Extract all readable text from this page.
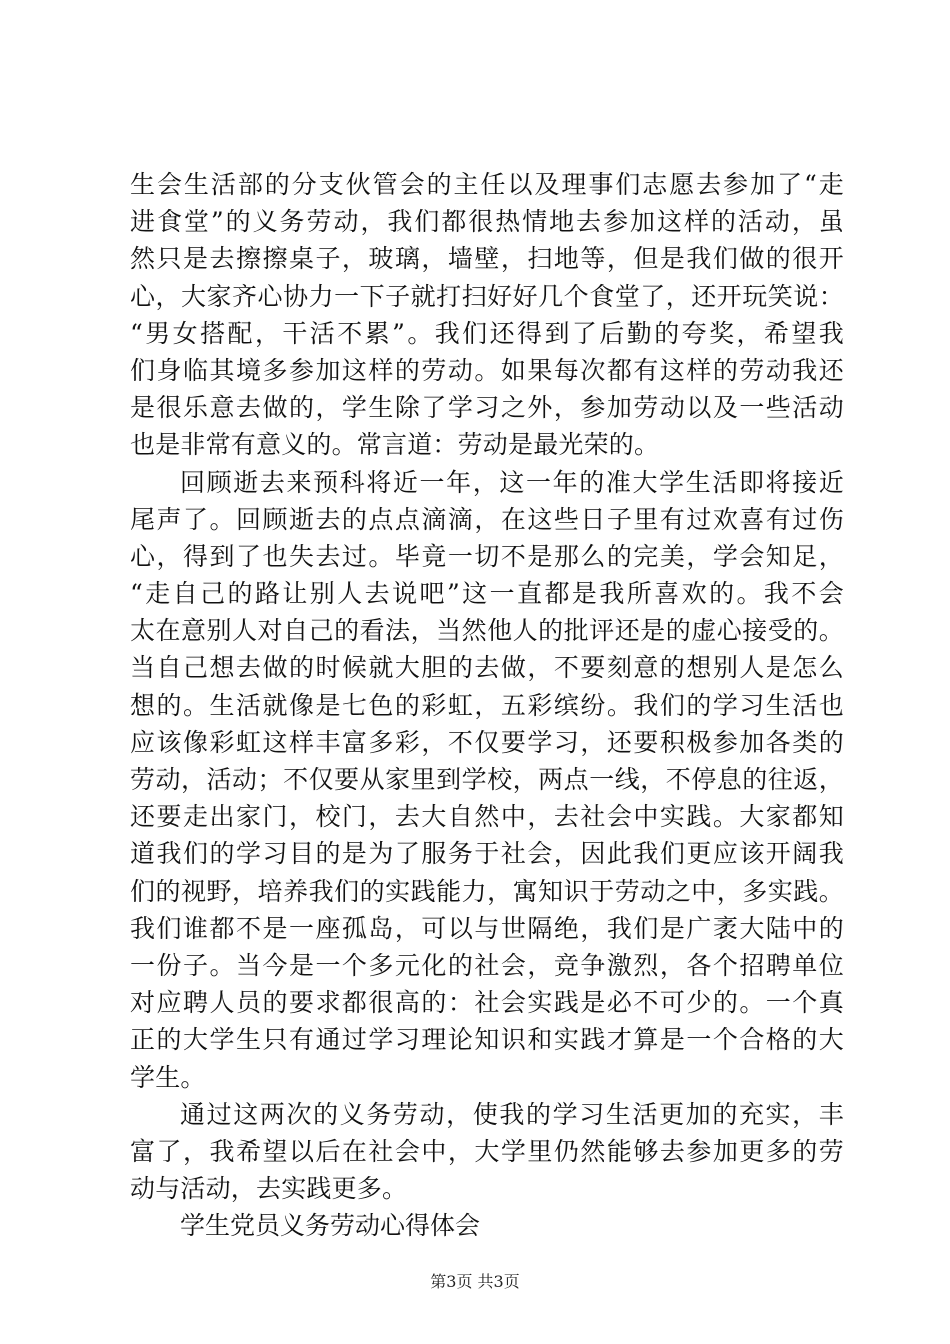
生会生活部的分支伙管会的主任以及理事们志愿去参加了“走
进食堂”的义务劳动，我们都很热情地去参加这样的活动，虽
然只是去擦擦桌子，玻璃，墙壁，扫地等，但是我们做的很开
心，大家齐心协力一下子就打扫好好几个食堂了，还开玩笑说：
“男女搭配，干活不累”。我们还得到了后勤的夸奖，希望我
们身临其境多参加这样的劳动。如果每次都有这样的劳动我还
是很乐意去做的，学生除了学习之外，参加劳动以及一些活动
也是非常有意义的。常言道：劳动是最光荣的。
回顾逝去来预科将近一年，这一年的准大学生活即将接近
尾声了。回顾逝去的点点滴滴，在这些日子里有过欢喜有过伤
心，得到了也失去过。毕竟一切不是那么的完美，学会知足，
“走自己的路让别人去说吧”这一直都是我所喜欢的。我不会
太在意别人对自己的看法，当然他人的批评还是的虚心接受的。
当自己想去做的时候就大胆的去做，不要刻意的想别人是怎么
想的。生活就像是七色的彩虹，五彩缤纷。我们的学习生活也
应该像彩虹这样丰富多彩，不仅要学习，还要积极参加各类的
劳动，活动；不仅要从家里到学校，两点一线，不停息的往返，
还要走出家门，校门，去大自然中，去社会中实践。大家都知
道我们的学习目的是为了服务于社会，因此我们更应该开阔我
们的视野，培养我们的实践能力，寓知识于劳动之中，多实践。
我们谁都不是一座孤岛，可以与世隔绝，我们是广袤大陆中的
一份子。当今是一个多元化的社会，竞争激烈，各个招聘单位
对应聘人员的要求都很高的：社会实践是必不可少的。一个真
正的大学生只有通过学习理论知识和实践才算是一个合格的大
学生。
通过这两次的义务劳动，使我的学习生活更加的充实，丰
富了，我希望以后在社会中，大学里仍然能够去参加更多的劳
动与活动，去实践更多。
学生党员义务劳动心得体会
第3页 共3页
